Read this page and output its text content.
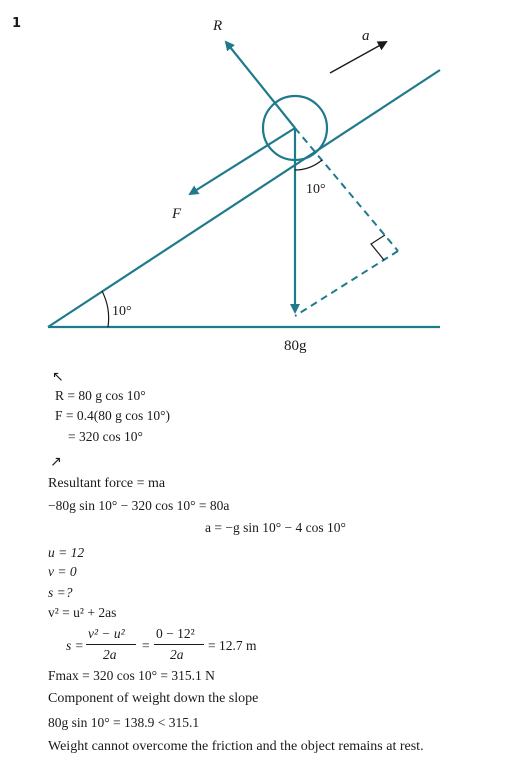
1	R
a
F
10°
10°
80g
↖
R = 80 g cos 10°
F = 0.4(80 g cos 10°)
= 320 cos 10°
↗
Resultant force = ma
−80g sin 10° − 320 cos 10° = 80a
a = −g sin 10° − 4 cos 10°
u = 12
v = 0
s =?
v² = u² + 2as
s =
v² − u²
2a
=
0 − 12²
2a
= 12.7 m
Fmax = 320 cos 10° = 315.1 N
Component of weight down the slope
80g sin 10° = 138.9 < 315.1
Weight cannot overcome the friction and the object remains at rest.
